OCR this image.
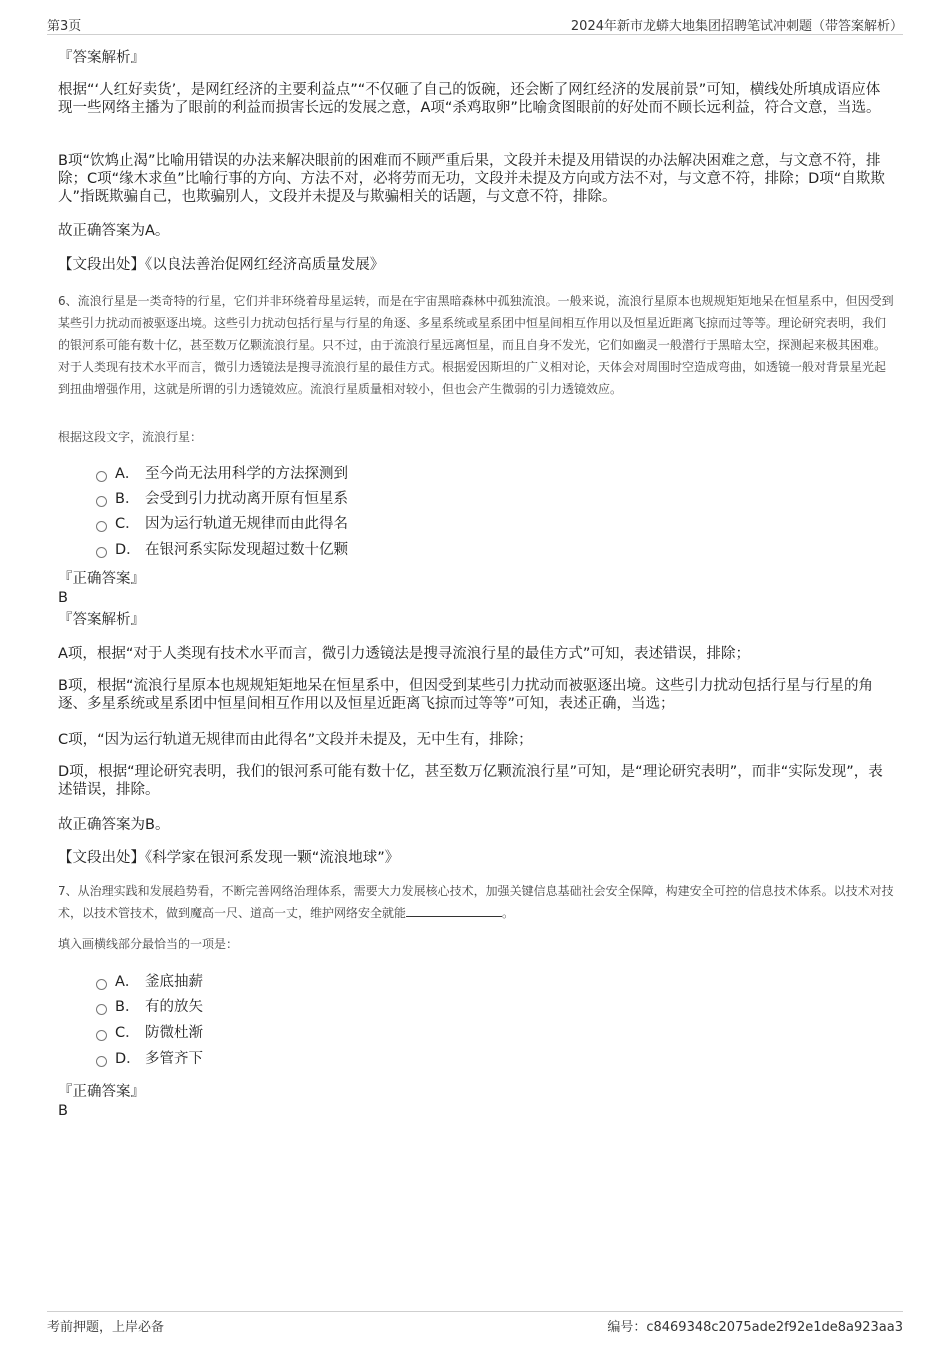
第3页	2024年新市龙蟒大地集团招聘笔试冲刺题（带答案解析）
『答案解析』
根据“‘人红好卖货’，是网红经济的主要利益点”“不仅砸了自己的饭碗，还会断了网红经济的发展前景”可知，横线处所填成语应体现一些网络主播为了眼前的利益而损害长远的发展之意，A项“杀鸡取卵”比喻贪图眼前的好处而不顾长远利益，符合文意，当选。
B项“饮鸩止渴”比喻用错误的办法来解决眼前的困难而不顾严重后果，文段并未提及用错误的办法解决困难之意，与文意不符，排除；C项“缘木求鱼”比喻行事的方向、方法不对，必将劳而无功，文段并未提及方向或方法不对，与文意不符，排除；D项“自欺欺人”指既欺骗自己，也欺骗别人，文段并未提及与欺骗相关的话题，与文意不符，排除。
故正确答案为A。
【文段出处】《以良法善治促网红经济高质量发展》
6、流浪行星是一类奇特的行星，它们并非环绕着母星运转，而是在宇宙黑暗森林中孤独流浪。一般来说，流浪行星原本也规规矩矩地呆在恒星系中，但因受到某些引力扰动而被驱逐出境。这些引力扰动包括行星与行星的角逐、多星系统或星系团中恒星间相互作用以及恒星近距离飞掠而过等等。理论研究表明，我们的银河系可能有数十亿，甚至数万亿颗流浪行星。只不过，由于流浪行星远离恒星，而且自身不发光，它们如幽灵一般潜行于黑暗太空，探测起来极其困难。对于人类现有技术水平而言，微引力透镜法是搜寻流浪行星的最佳方式。根据爱因斯坦的广义相对论，天体会对周围时空造成弯曲，如透镜一般对背景星光起到扭曲增强作用，这就是所谓的引力透镜效应。流浪行星质量相对较小，但也会产生微弱的引力透镜效应。
根据这段文字，流浪行星：
A． 至今尚无法用科学的方法探测到
B． 会受到引力扰动离开原有恒星系
C． 因为运行轨道无规律而由此得名
D． 在银河系实际发现超过数十亿颗
『正确答案』
B
『答案解析』
A项，根据“对于人类现有技术水平而言，微引力透镜法是搜寻流浪行星的最佳方式”可知，表述错误，排除；
B项，根据“流浪行星原本也规规矩矩地呆在恒星系中，但因受到某些引力扰动而被驱逐出境。这些引力扰动包括行星与行星的角逐、多星系统或星系团中恒星间相互作用以及恒星近距离飞掠而过等等”可知，表述正确，当选；
C项，“因为运行轨道无规律而由此得名”文段并未提及，无中生有，排除；
D项，根据“理论研究表明，我们的银河系可能有数十亿，甚至数万亿颗流浪行星”可知，是“理论研究表明”，而非“实际发现”，表述错误，排除。
故正确答案为B。
【文段出处】《科学家在银河系发现一颗“流浪地球”》
7、从治理实践和发展趋势看，不断完善网络治理体系，需要大力发展核心技术，加强关键信息基础社会安全保障，构建安全可控的信息技术体系。以技术对技术，以技术管技术，做到魔高一尺、道高一丈，维护网络安全就能	。
填入画横线部分最恰当的一项是：
A． 釜底抽薪
B． 有的放矢
C． 防微杜渐
D． 多管齐下
『正确答案』
B
考前押题，上岸必备	编号：c8469348c2075ade2f92e1de8a923aa3
